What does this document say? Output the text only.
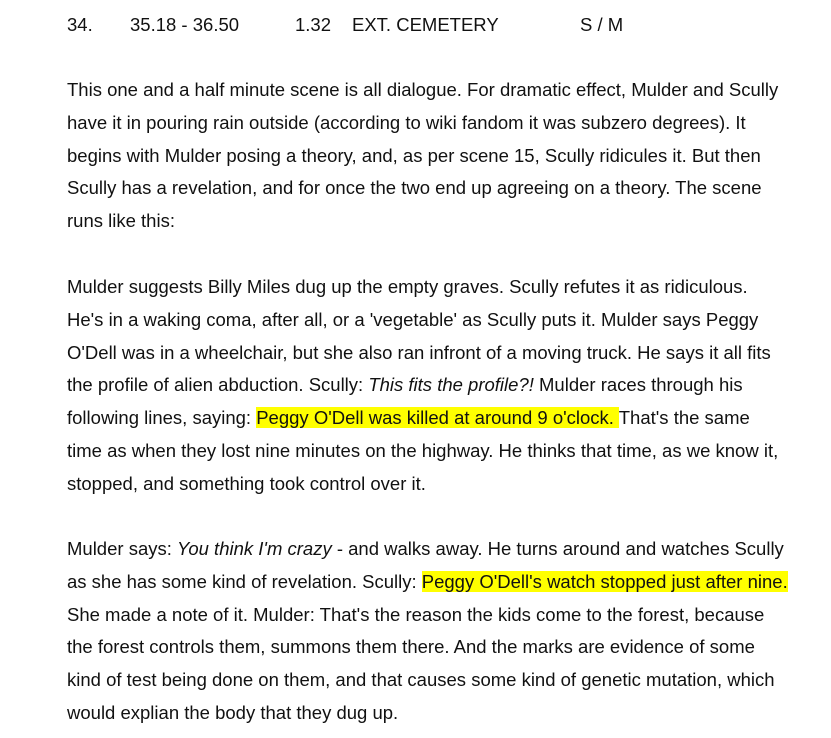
34. 35.18 - 36.50	1.32 EXT. CEMETERY	S / M

This one and a half minute scene is all dialogue. For dramatic effect, Mulder and Scully have it in pouring rain outside (according to wiki fandom it was subzero degrees). It begins with Mulder posing a theory, and, as per scene 15, Scully ridicules it. But then Scully has a revelation, and for once the two end up agreeing on a theory. The scene runs like this:

Mulder suggests Billy Miles dug up the empty graves. Scully refutes it as ridiculous. He's in a waking coma, after all, or a 'vegetable' as Scully puts it. Mulder says Peggy O'Dell was in a wheelchair, but she also ran infront of a moving truck. He says it all fits the profile of alien abduction. Scully: This fits the profile?! Mulder races through his following lines, saying: Peggy O'Dell was killed at around 9 o'clock. That's the same time as when they lost nine minutes on the highway. He thinks that time, as we know it, stopped, and something took control over it.

Mulder says: You think I'm crazy - and walks away. He turns around and watches Scully as she has some kind of revelation. Scully: Peggy O'Dell's watch stopped just after nine. She made a note of it. Mulder: That's the reason the kids come to the forest, because the forest controls them, summons them there. And the marks are evidence of some kind of test being done on them, and that causes some kind of genetic mutation, which would explian the body that they dug up.
